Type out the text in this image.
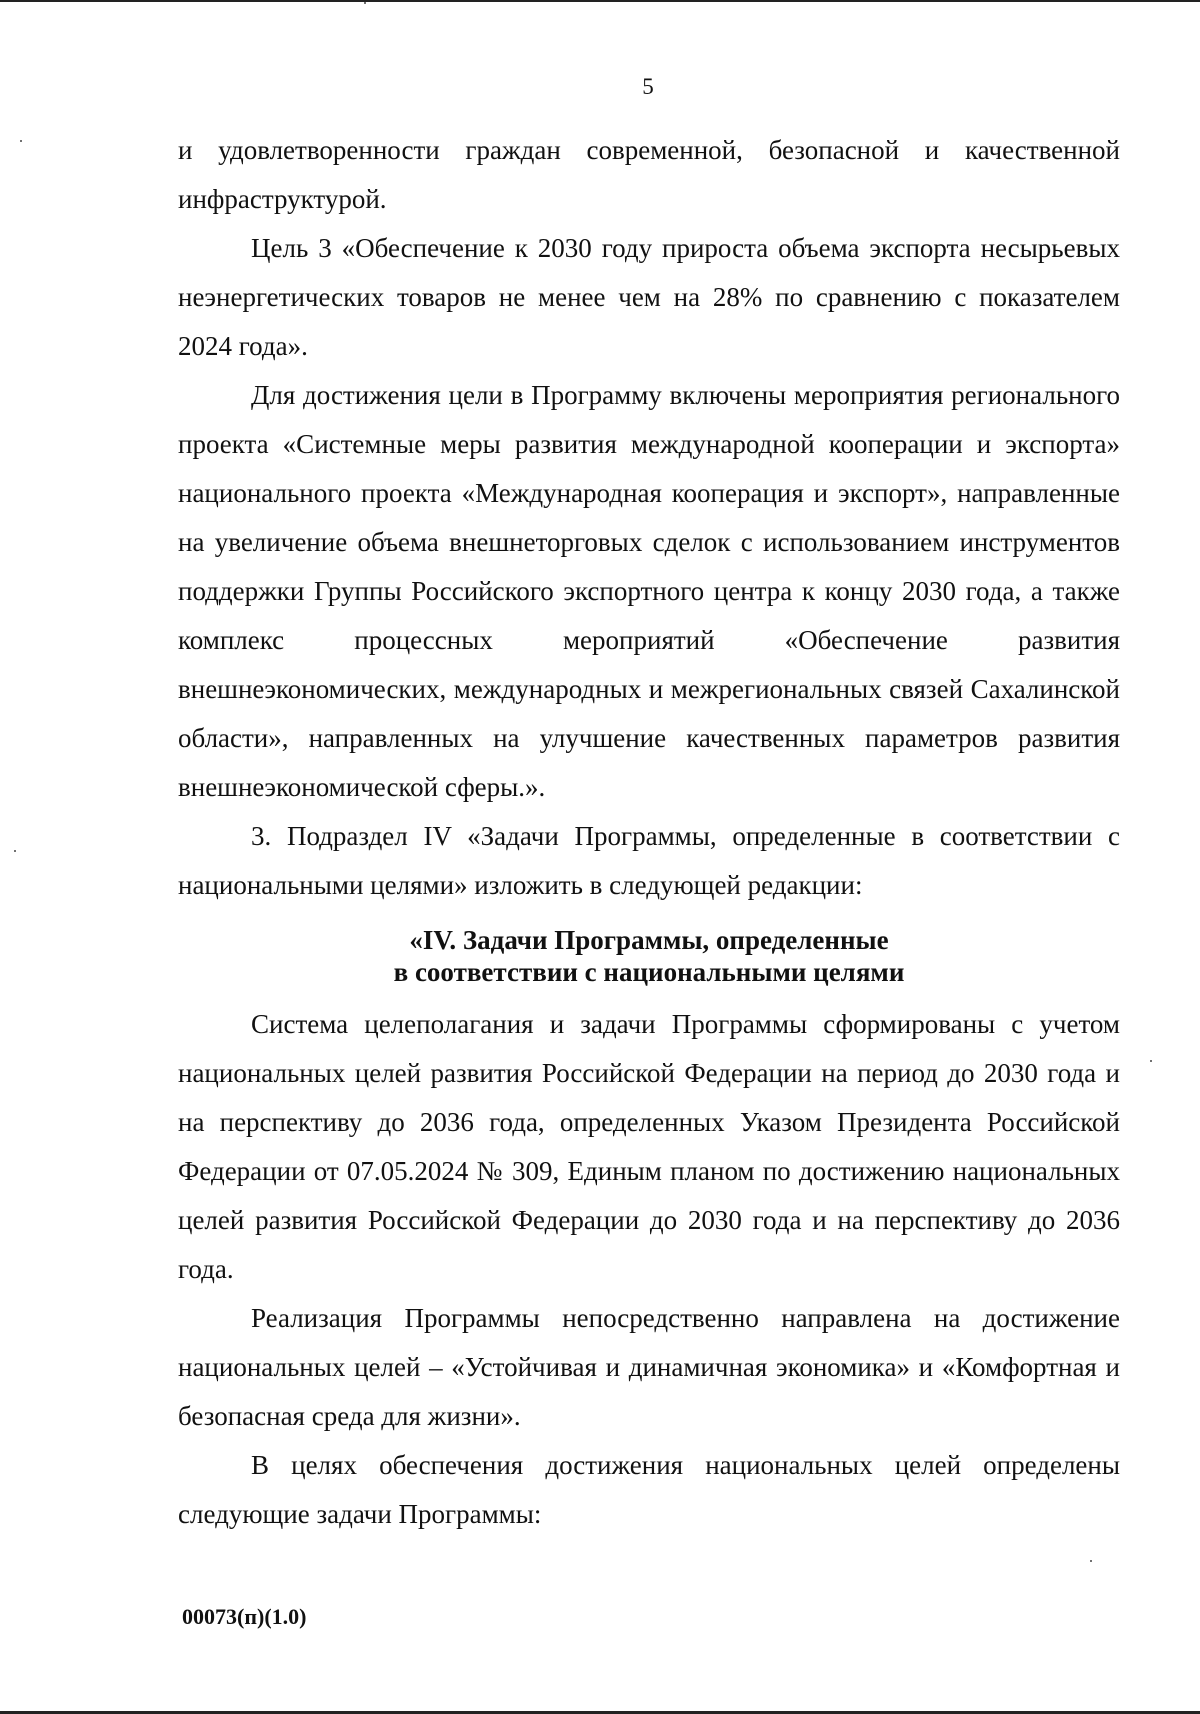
5

и удовлетворенности граждан современной, безопасной и качественной инфраструктурой.

Цель 3 «Обеспечение к 2030 году прироста объема экспорта несырьевых неэнергетических товаров не менее чем на 28% по сравнению с показателем 2024 года».

Для достижения цели в Программу включены мероприятия регионального проекта «Системные меры развития международной кооперации и экспорта» национального проекта «Международная кооперация и экспорт», направленные на увеличение объема внешнеторговых сделок с использованием инструментов поддержки Группы Российского экспортного центра к концу 2030 года, а также комплекс процессных мероприятий «Обеспечение развития внешнеэкономических, международных и межрегиональных связей Сахалинской области», направленных на улучшение качественных параметров развития внешнеэкономической сферы.».

3. Подраздел IV «Задачи Программы, определенные в соответствии с национальными целями» изложить в следующей редакции:

«IV. Задачи Программы, определенные
в соответствии с национальными целями

Система целеполагания и задачи Программы сформированы с учетом национальных целей развития Российской Федерации на период до 2030 года и на перспективу до 2036 года, определенных Указом Президента Российской Федерации от 07.05.2024 № 309, Единым планом по достижению национальных целей развития Российской Федерации до 2030 года и на перспективу до 2036 года.

Реализация Программы непосредственно направлена на достижение национальных целей – «Устойчивая и динамичная экономика» и «Комфортная и безопасная среда для жизни».

В целях обеспечения достижения национальных целей определены следующие задачи Программы:

00073(п)(1.0)
